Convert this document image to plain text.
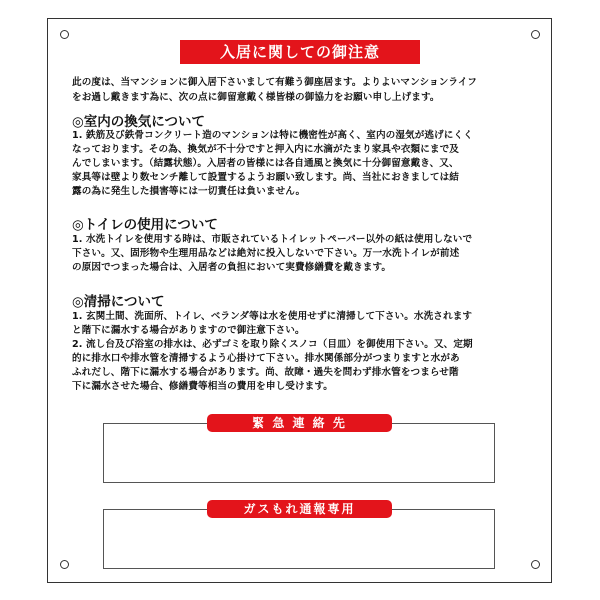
入居に関しての御注意
此の度は、当マンションに御入居下さいまして有難う御座居ます。よりよいマンションライフ
をお過し戴きます為に、次の点に御留意戴く様皆様の御協力をお願い申し上げます。
◎室内の換気について
1. 鉄筋及び鉄骨コンクリート造のマンションは特に機密性が高く、室内の湿気が逃げにくく
なっております。その為、換気が不十分ですと押入内に水滴がたまり家具や衣類にまで及
んでしまいます。（結露状態）。入居者の皆様には各自通風と換気に十分御留意戴き、又、
家具等は壁より数センチ離して設置するようお願い致します。尚、当社におきましては結
露の為に発生した損害等には一切責任は負いません。
◎トイレの使用について
1. 水洗トイレを使用する時は、市販されているトイレットペーパー以外の紙は使用しないで
下さい。又、固形物や生理用品などは絶対に投入しないで下さい。万一水洗トイレが前述
の原因でつまった場合は、入居者の負担において実費修繕費を戴きます。
◎清掃について
1. 玄関土間、洗面所、トイレ、ベランダ等は水を使用せずに清掃して下さい。水洗されます
と階下に漏水する場合がありますので御注意下さい。
2. 流し台及び浴室の排水は、必ずゴミを取り除くスノコ（目皿）を御使用下さい。又、定期
的に排水口や排水管を清掃するよう心掛けて下さい。排水関係部分がつまりますと水があ
ふれだし、階下に漏水する場合があります。尚、故障・過失を問わず排水管をつまらせ階
下に漏水させた場合、修繕費等相当の費用を申し受けます。
緊 急 連 絡 先
ガスもれ通報専用
